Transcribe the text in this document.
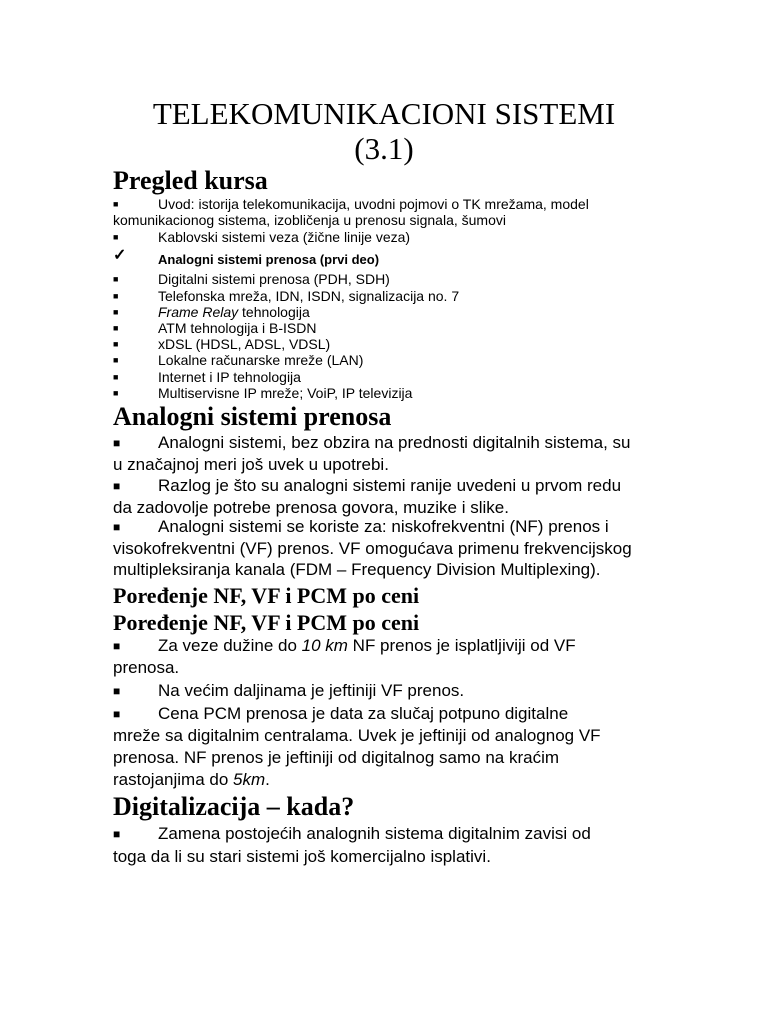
TELEKOMUNIKACIONI SISTEMI
(3.1)
Pregled kursa
■	Uvod: istorija telekomunikacija, uvodni pojmovi o TK mrežama, model
komunikacionog sistema, izobličenja u prenosu signala, šumovi
■	Kablovski sistemi veza (žične linije veza)
✓ Analogni sistemi prenosa (prvi deo)
■	Digitalni sistemi prenosa (PDH, SDH)
■	Telefonska mreža, IDN, ISDN, signalizacija no. 7
■	Frame Relay tehnologija
■	ATM tehnologija i B-ISDN
■	xDSL (HDSL, ADSL, VDSL)
■	Lokalne računarske mreže (LAN)
■	Internet i IP tehnologija
■	Multiservisne IP mreže; VoiP, IP televizija
Analogni sistemi prenosa
■ Analogni sistemi, bez obzira na prednosti digitalnih sistema, su
u značajnoj meri još uvek u upotrebi.
■ Razlog je što su analogni sistemi ranije uvedeni u prvom redu
da zadovolje potrebe prenosa govora, muzike i slike.
■ Analogni sistemi se koriste za: niskofrekventni (NF) prenos i
visokofrekventni (VF) prenos. VF omogućava primenu frekvencijskog
multipleksiranja kanala (FDM – Frequency Division Multiplexing).
Poređenje NF, VF i PCM po ceni
Poređenje NF, VF i PCM po ceni
■ Za veze dužine do 10 km NF prenos je isplatljiviji od VF
prenosa.
■ Na većim daljinama je jeftiniji VF prenos.
■ Cena PCM prenosa je data za slučaj potpuno digitalne
mreže sa digitalnim centralama. Uvek je jeftiniji od analognog VF
prenosa. NF prenos je jeftiniji od digitalnog samo na kraćim
rastojanjima do 5km.
Digitalizacija – kada?
■ Zamena postojećih analognih sistema digitalnim zavisi od
toga da li su stari sistemi još komercijalno isplativi.
